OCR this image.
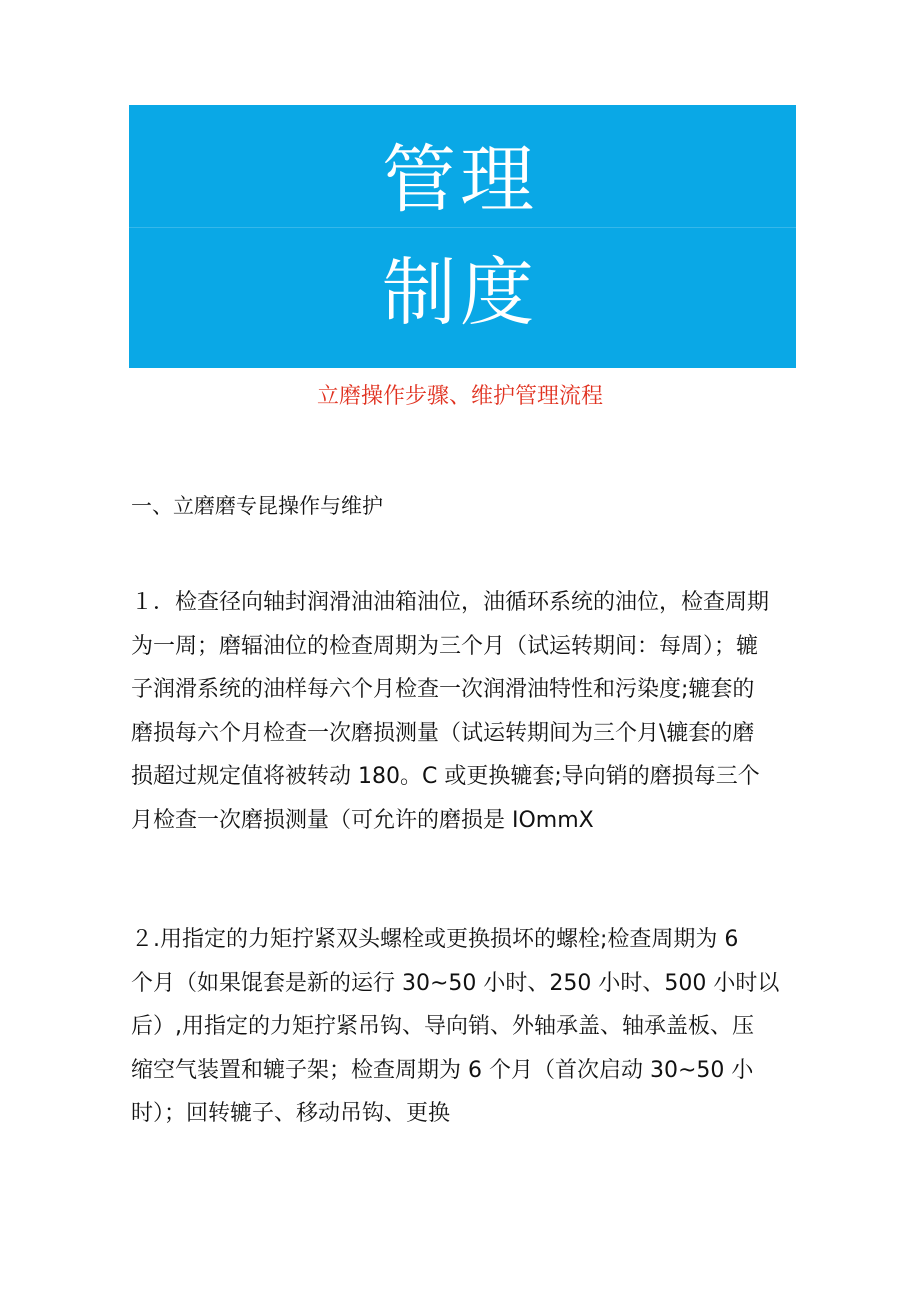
管理
制度
立磨操作步骤、维护管理流程
一、立磨磨专昆操作与维护
１．检查径向轴封润滑油油箱油位，油循环系统的油位，检查周期
为一周；磨辐油位的检查周期为三个月（试运转期间：每周）；辘
子润滑系统的油样每六个月检查一次润滑油特性和污染度;辘套的
磨损每六个月检查一次磨损测量（试运转期间为三个月\辘套的磨
损超过规定值将被转动 180。C 或更换辘套;导向销的磨损每三个
月检查一次磨损测量（可允许的磨损是 IOmmX
２.用指定的力矩拧紧双头螺栓或更换损坏的螺栓;检查周期为 6
个月（如果馄套是新的运行 30~50 小时、250 小时、500 小时以
后）,用指定的力矩拧紧吊钩、导向销、外轴承盖、轴承盖板、压
缩空气装置和辘子架；检查周期为 6 个月（首次启动 30~50 小
时）；回转辘子、移动吊钩、更换
